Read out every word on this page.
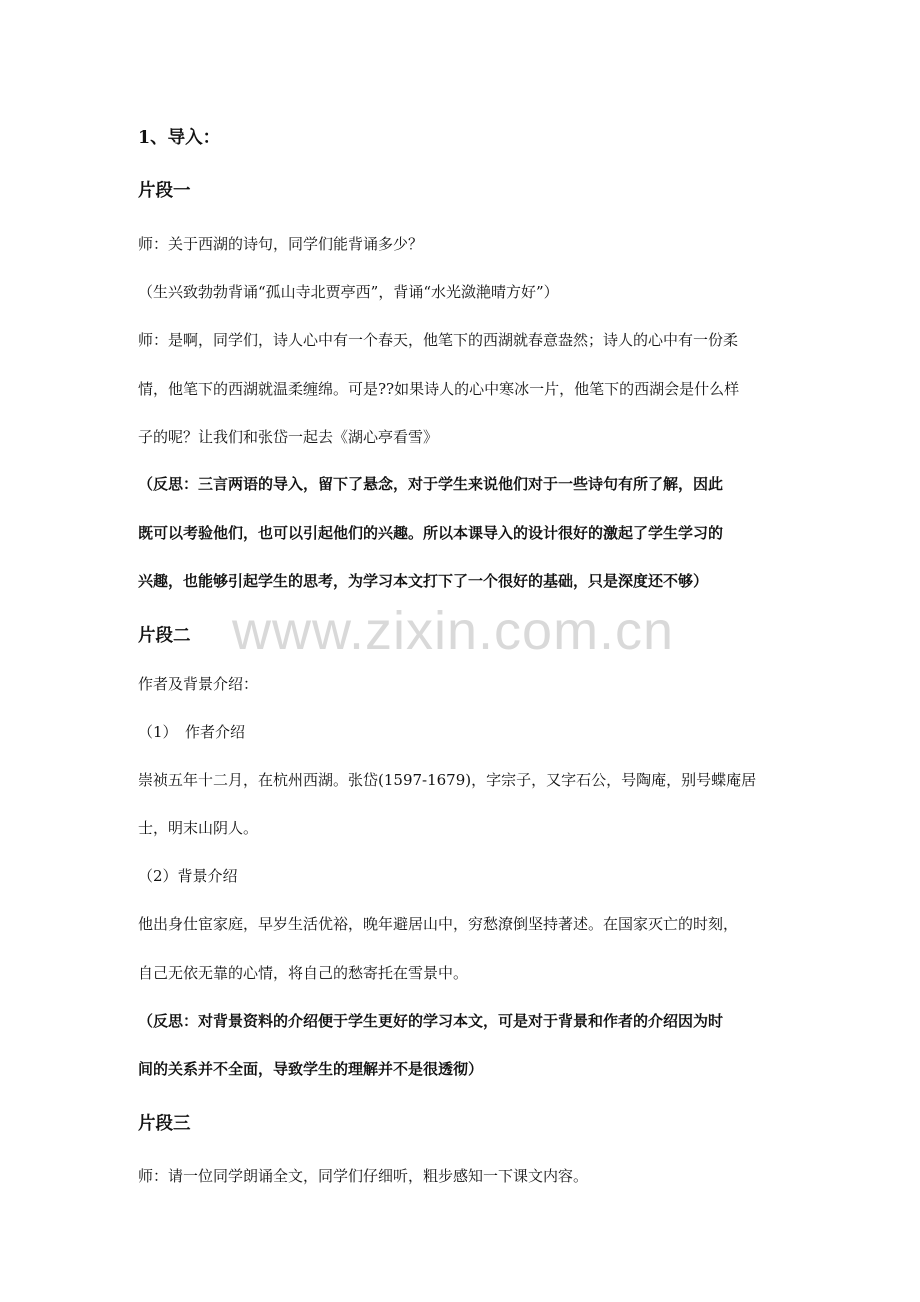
www.zixin.com.cn
1、导入：
片段一
师：关于西湖的诗句，同学们能背诵多少？
（生兴致勃勃背诵“孤山寺北贾亭西”，背诵“水光潋滟晴方好”）
师：是啊，同学们，诗人心中有一个春天，他笔下的西湖就春意盎然；诗人的心中有一份柔
情，他笔下的西湖就温柔缠绵。可是??如果诗人的心中寒冰一片，他笔下的西湖会是什么样
子的呢？让我们和张岱一起去《湖心亭看雪》
（反思：三言两语的导入，留下了悬念，对于学生来说他们对于一些诗句有所了解，因此
既可以考验他们，也可以引起他们的兴趣。所以本课导入的设计很好的激起了学生学习的
兴趣，也能够引起学生的思考，为学习本文打下了一个很好的基础，只是深度还不够）
片段二
作者及背景介绍：
（1）　作者介绍
崇祯五年十二月，在杭州西湖。张岱(1597-1679)，字宗子，又字石公，号陶庵，别号蝶庵居
士，明末山阴人。
（2）背景介绍
他出身仕宦家庭，早岁生活优裕，晚年避居山中，穷愁潦倒坚持著述。在国家灭亡的时刻，
自己无依无靠的心情，将自己的愁寄托在雪景中。
（反思：对背景资料的介绍便于学生更好的学习本文，可是对于背景和作者的介绍因为时
间的关系并不全面，导致学生的理解并不是很透彻）
片段三
师：请一位同学朗诵全文，同学们仔细听，粗步感知一下课文内容。
